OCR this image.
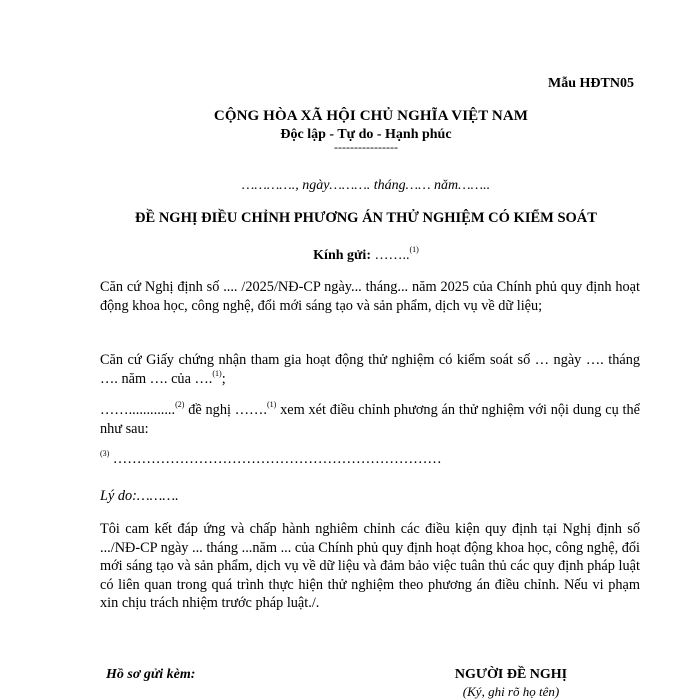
Mẫu HĐTN05
CỘNG HÒA XÃ HỘI CHỦ NGHĨA VIỆT NAM
Độc lập - Tự do - Hạnh phúc
----------------
…………., ngày………. tháng…… năm……..
ĐỀ NGHỊ ĐIỀU CHỈNH PHƯƠNG ÁN THỬ NGHIỆM CÓ KIỂM SOÁT
Kính gửi: ……..$^{(1)}$
Căn cứ Nghị định số .... /2025/NĐ-CP ngày... tháng... năm 2025 của Chính phủ quy định hoạt động khoa học, công nghệ, đổi mới sáng tạo và sản phẩm, dịch vụ về dữ liệu;
Căn cứ Giấy chứng nhận tham gia hoạt động thử nghiệm có kiểm soát số … ngày …. tháng …. năm …. của ….$^{(1)}$;
…….............$^{(2)}$ đề nghị …….$^{(1)}$ xem xét điều chỉnh phương án thử nghiệm với nội dung cụ thể như sau:
$^{(3)}$ ……………………………………………………………
Lý do:……….
Tôi cam kết đáp ứng và chấp hành nghiêm chỉnh các điều kiện quy định tại Nghị định số .../NĐ-CP ngày ... tháng ...năm ... của Chính phủ quy định hoạt động khoa học, công nghệ, đổi mới sáng tạo và sản phẩm, dịch vụ về dữ liệu và đảm bảo việc tuân thủ các quy định pháp luật có liên quan trong quá trình thực hiện thử nghiệm theo phương án điều chỉnh. Nếu vi phạm xin chịu trách nhiệm trước pháp luật./.
Hồ sơ gửi kèm:	NGƯỜI ĐỀ NGHỊ
(Ký, ghi rõ họ tên)
